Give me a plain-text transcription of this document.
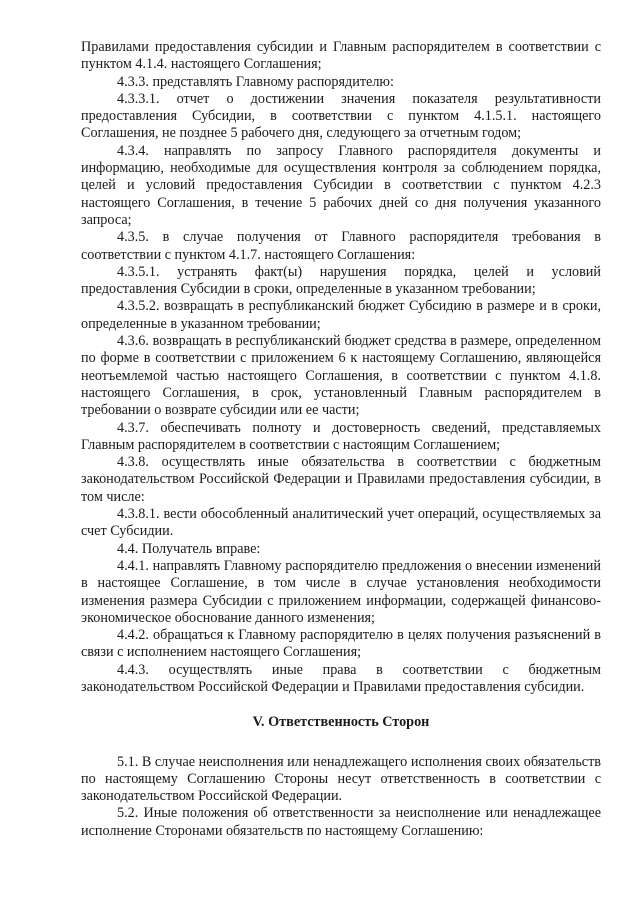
Правилами предоставления субсидии и Главным распорядителем в соответствии с пунктом 4.1.4. настоящего Соглашения;

4.3.3. представлять Главному распорядителю:

4.3.3.1. отчет о достижении значения показателя результативности предоставления Субсидии, в соответствии с пунктом 4.1.5.1. настоящего Соглашения, не позднее 5 рабочего дня, следующего за отчетным годом;

4.3.4. направлять по запросу Главного распорядителя документы и информацию, необходимые для осуществления контроля за соблюдением порядка, целей и условий предоставления Субсидии в соответствии с пунктом 4.2.3 настоящего Соглашения, в течение 5 рабочих дней со дня получения указанного запроса;

4.3.5. в случае получения от Главного распорядителя требования в соответствии с пунктом 4.1.7. настоящего Соглашения:

4.3.5.1. устранять факт(ы) нарушения порядка, целей и условий предоставления Субсидии в сроки, определенные в указанном требовании;

4.3.5.2. возвращать в республиканский бюджет Субсидию в размере и в сроки, определенные в указанном требовании;

4.3.6. возвращать в республиканский бюджет средства в размере, определенном по форме в соответствии с приложением 6 к настоящему Соглашению, являющейся неотъемлемой частью настоящего Соглашения, в соответствии с пунктом 4.1.8. настоящего Соглашения, в срок, установленный Главным распорядителем в требовании о возврате субсидии или ее части;

4.3.7. обеспечивать полноту и достоверность сведений, представляемых Главным распорядителем в соответствии с настоящим Соглашением;

4.3.8. осуществлять иные обязательства в соответствии с бюджетным законодательством Российской Федерации и Правилами предоставления субсидии, в том числе:

4.3.8.1. вести обособленный аналитический учет операций, осуществляемых за счет Субсидии.

4.4. Получатель вправе:

4.4.1. направлять Главному распорядителю предложения о внесении изменений в настоящее Соглашение, в том числе в случае установления необходимости изменения размера Субсидии с приложением информации, содержащей финансово-экономическое обоснование данного изменения;

4.4.2. обращаться к Главному распорядителю в целях получения разъяснений в связи с исполнением настоящего Соглашения;

4.4.3. осуществлять иные права в соответствии с бюджетным законодательством Российской Федерации и Правилами предоставления субсидии.

V. Ответственность Сторон

5.1. В случае неисполнения или ненадлежащего исполнения своих обязательств по настоящему Соглашению Стороны несут ответственность в соответствии с законодательством Российской Федерации.

5.2. Иные положения об ответственности за неисполнение или ненадлежащее исполнение Сторонами обязательств по настоящему Соглашению:
